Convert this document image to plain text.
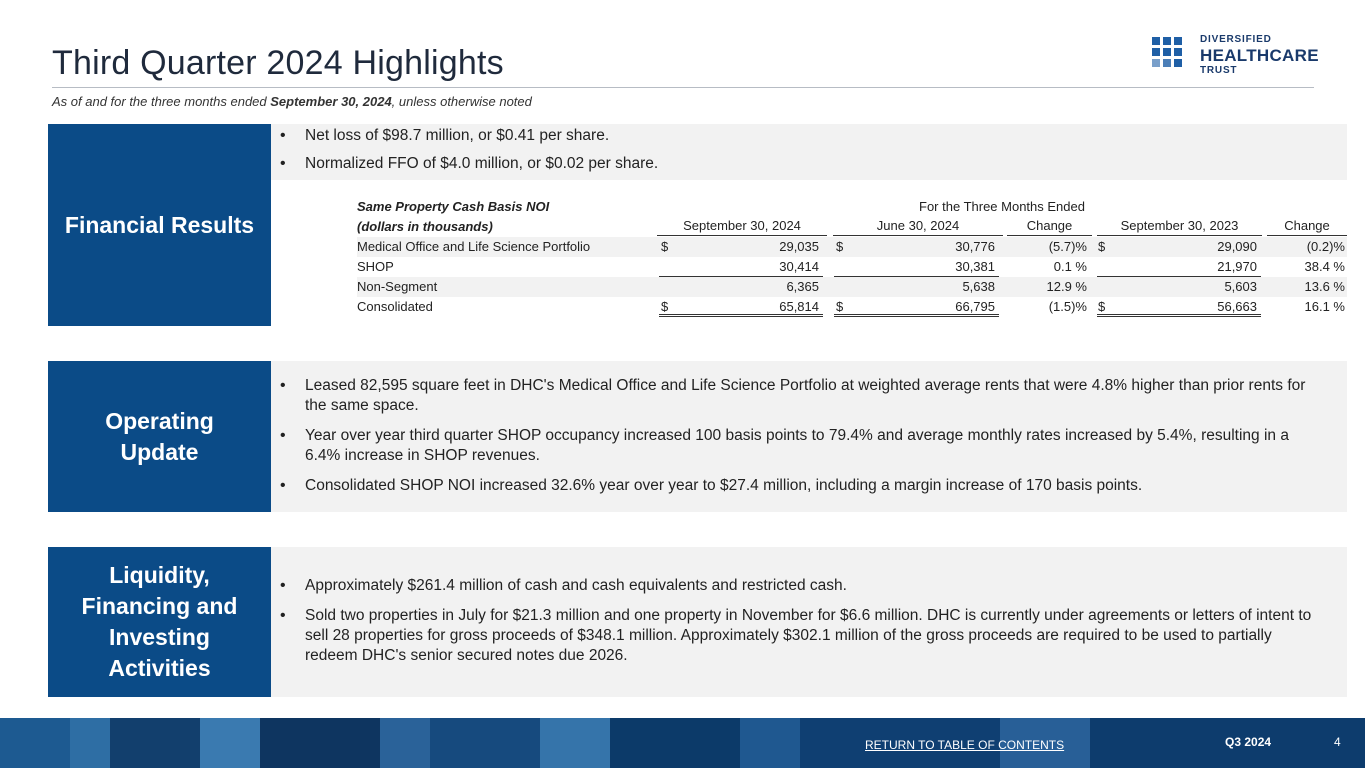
Third Quarter 2024 Highlights
As of and for the three months ended September 30, 2024, unless otherwise noted
DIVERSIFIED
HEALTHCARE
TRUST
Financial Results
• Net loss of $98.7 million, or $0.41 per share.
• Normalized FFO of $4.0 million, or $0.02 per share.
Same Property Cash Basis NOI	For the Three Months Ended
(dollars in thousands)	September 30, 2024	June 30, 2024	Change	September 30, 2023	Change
Medical Office and Life Science Portfolio	$	29,035 $	30,776	(5.7)% $	29,090	(0.2)%
SHOP	30,414	30,381	0.1 %	21,970	38.4 %
Non-Segment	6,365	5,638	12.9 %	5,603	13.6 %
Consolidated	$	65,814 $	66,795	(1.5)% $	56,663	16.1 %
Operating
Update
• Leased 82,595 square feet in DHC's Medical Office and Life Science Portfolio at weighted average rents that were 4.8% higher than prior rents for the same space.
• Year over year third quarter SHOP occupancy increased 100 basis points to 79.4% and average monthly rates increased by 5.4%, resulting in a 6.4% increase in SHOP revenues.
• Consolidated SHOP NOI increased 32.6% year over year to $27.4 million, including a margin increase of 170 basis points.
Liquidity,
Financing and
Investing
Activities
• Approximately $261.4 million of cash and cash equivalents and restricted cash.
• Sold two properties in July for $21.3 million and one property in November for $6.6 million. DHC is currently under agreements or letters of intent to sell 28 properties for gross proceeds of $348.1 million. Approximately $302.1 million of the gross proceeds are required to be used to partially redeem DHC's senior secured notes due 2026.
RETURN TO TABLE OF CONTENTS	Q3 2024	4
